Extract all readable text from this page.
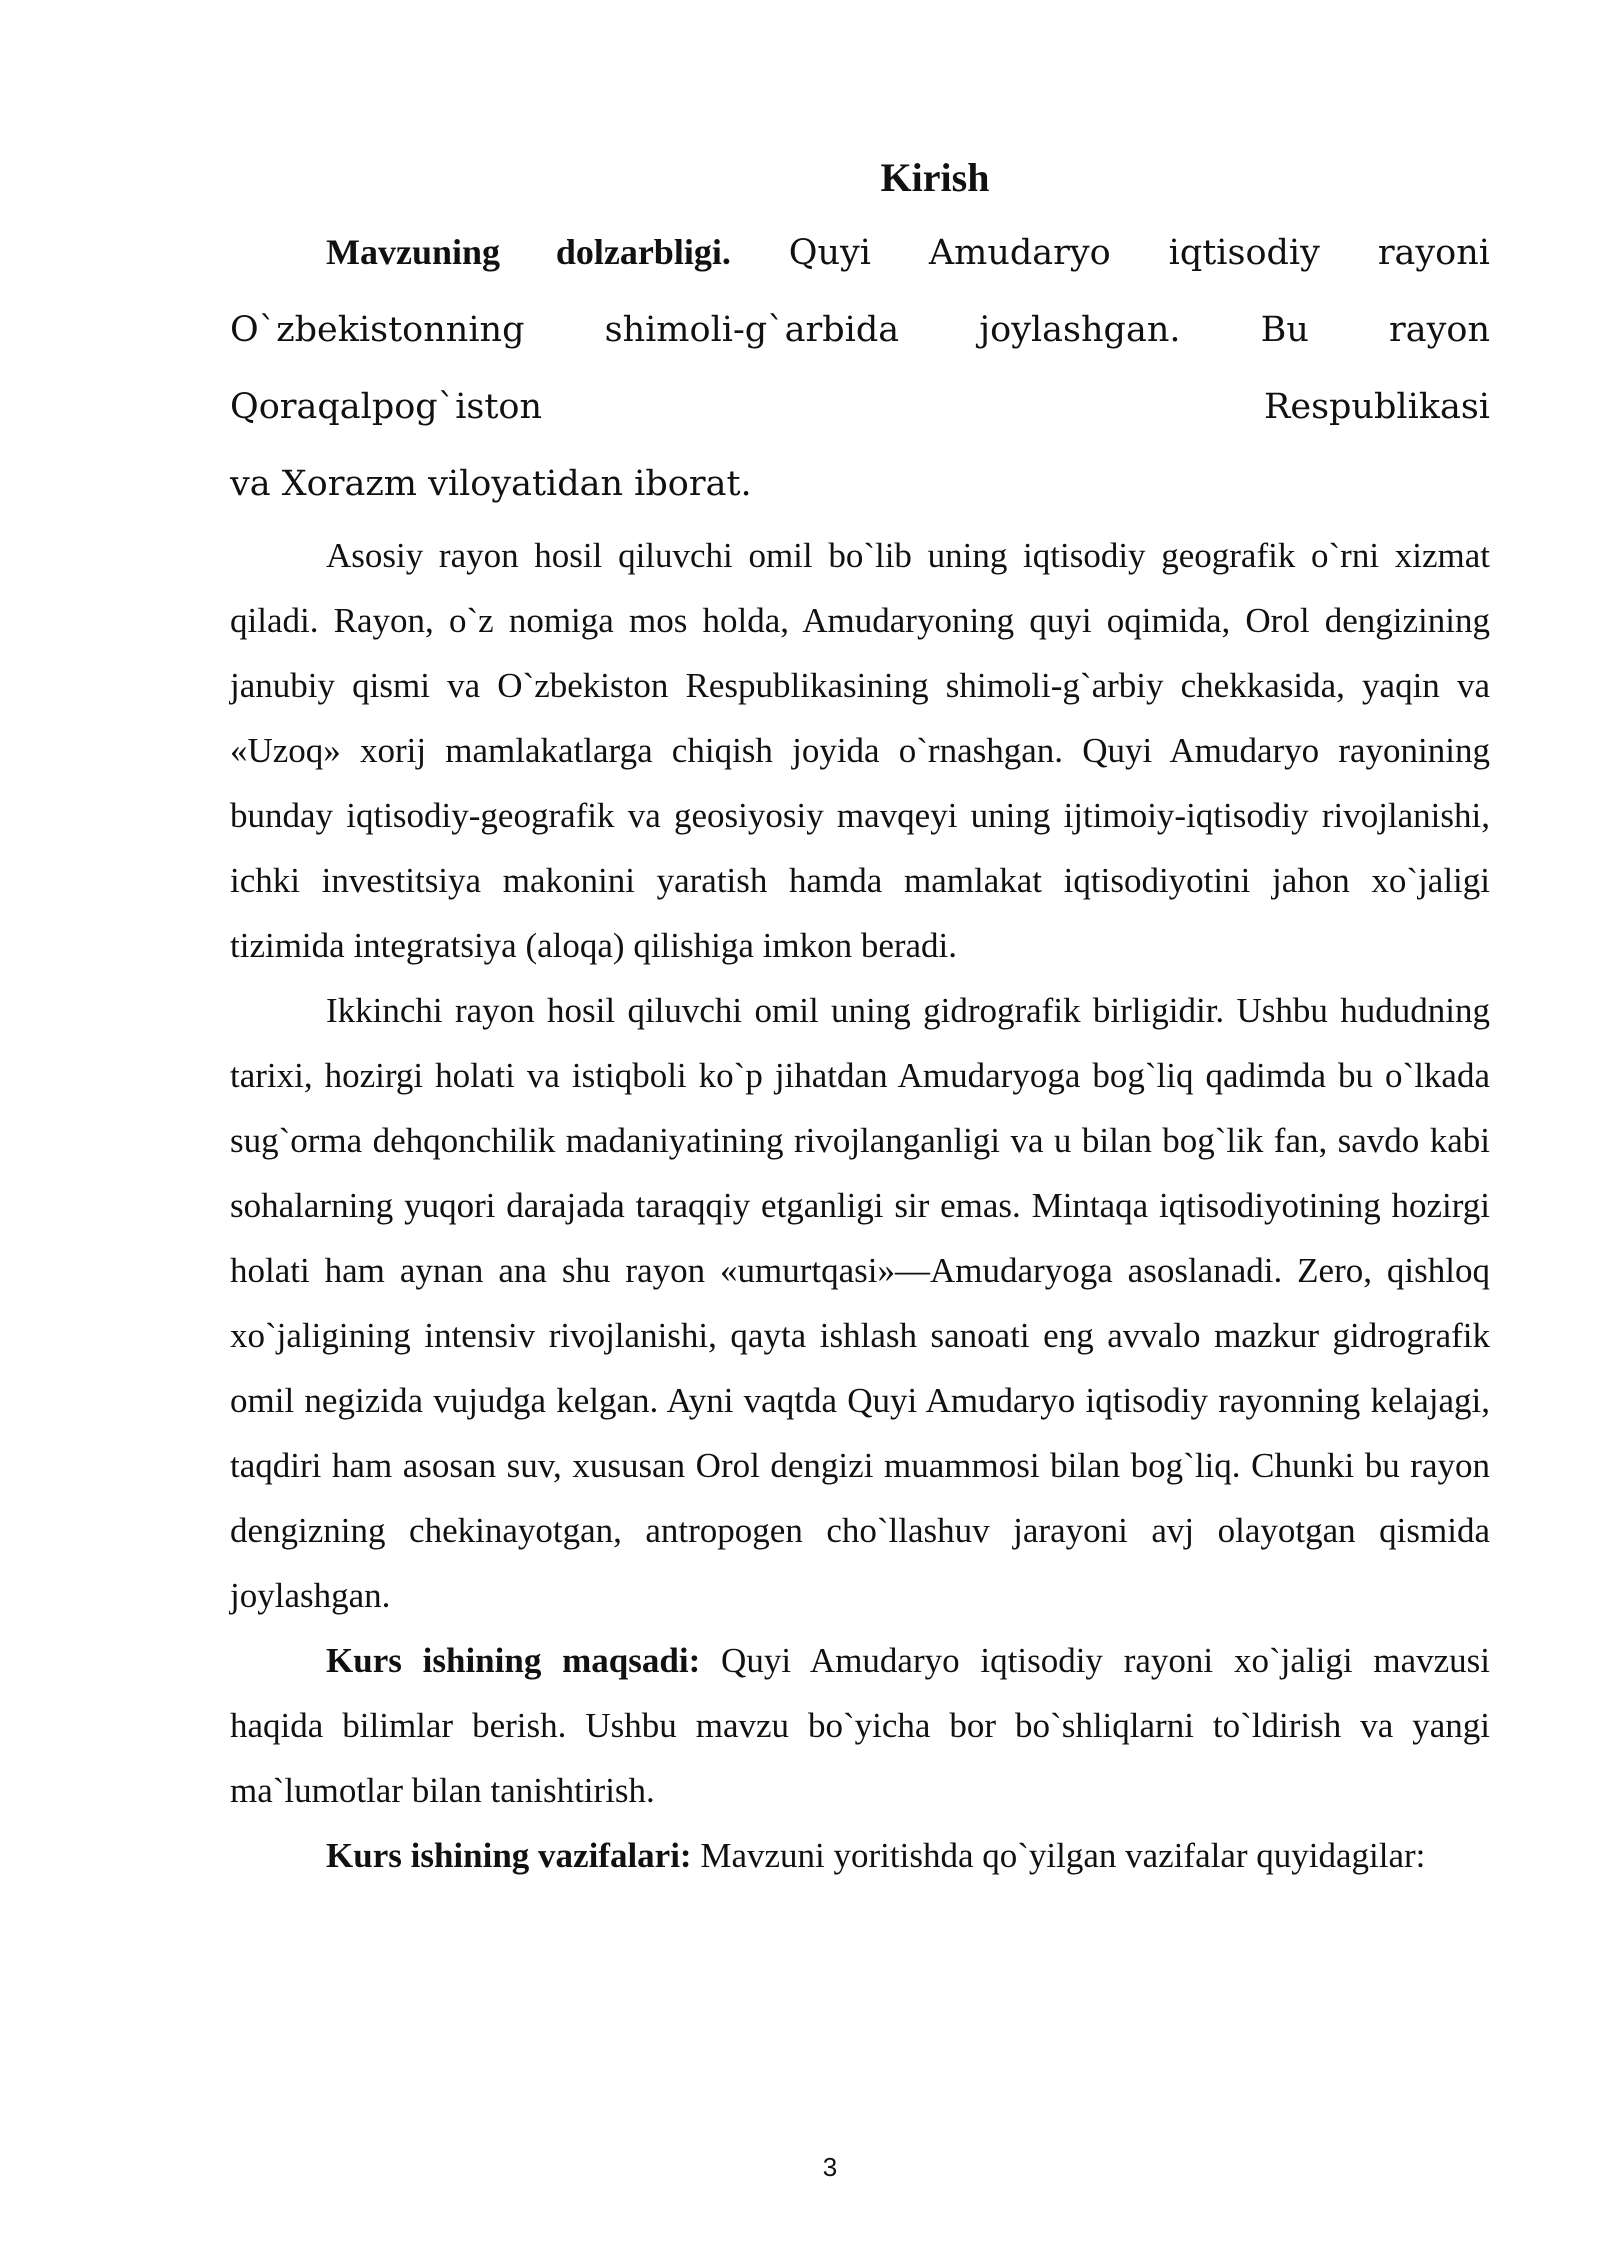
Kirish
Mavzuning dolzarbligi. Quyi Amudaryo iqtisodiy rayoni
O`zbekistonning shimoli-g`arbida joylashgan. Bu rayon
Qoraqalpog`iston Respublikasi
va Xorazm viloyatidan iborat.

Asosiy rayon hosil qiluvchi omil bo`lib uning iqtisodiy geografik o`rni xizmat qiladi. Rayon, o`z nomiga mos holda, Amudaryoning quyi oqimida, Orol dengizining janubiy qismi va O`zbekiston Respublikasining shimoli-g`arbiy chekkasida, yaqin va «Uzoq» xorij mamlakatlarga chiqish joyida o`rnashgan. Quyi Amudaryo rayonining bunday iqtisodiy-geografik va geosiyosiy mavqeyi uning ijtimoiy-iqtisodiy rivojlanishi, ichki investitsiya makonini yaratish hamda mamlakat iqtisodiyotini jahon xo`jaligi tizimida integratsiya (aloqa) qilishiga imkon beradi.

Ikkinchi rayon hosil qiluvchi omil uning gidrografik birligidir. Ushbu hududning tarixi, hozirgi holati va istiqboli ko`p jihatdan Amudaryoga bog`liq qadimda bu o`lkada sug`orma dehqonchilik madaniyatining rivojlanganligi va u bilan bog`lik fan, savdo kabi sohalarning yuqori darajada taraqqiy etganligi sir emas. Mintaqa iqtisodiyotining hozirgi holati ham aynan ana shu rayon «umurtqasi»—Amudaryoga asoslanadi. Zero, qishloq xo`jaligining intensiv rivojlanishi, qayta ishlash sanoati eng avvalo mazkur gidrografik omil negizida vujudga kelgan. Ayni vaqtda Quyi Amudaryo iqtisodiy rayonning kelajagi, taqdiri ham asosan suv, xususan Orol dengizi muammosi bilan bog`liq. Chunki bu rayon dengizning chekinayotgan, antropogen cho`llashuv jarayoni avj olayotgan qismida joylashgan.

Kurs ishining maqsadi: Quyi Amudaryo iqtisodiy rayoni xo`jaligi mavzusi haqida bilimlar berish. Ushbu mavzu bo`yicha bor bo`shliqlarni to`ldirish va yangi ma`lumotlar bilan tanishtirish.

Kurs ishining vazifalari: Mavzuni yoritishda qo`yilgan vazifalar quyidagilar:

3
